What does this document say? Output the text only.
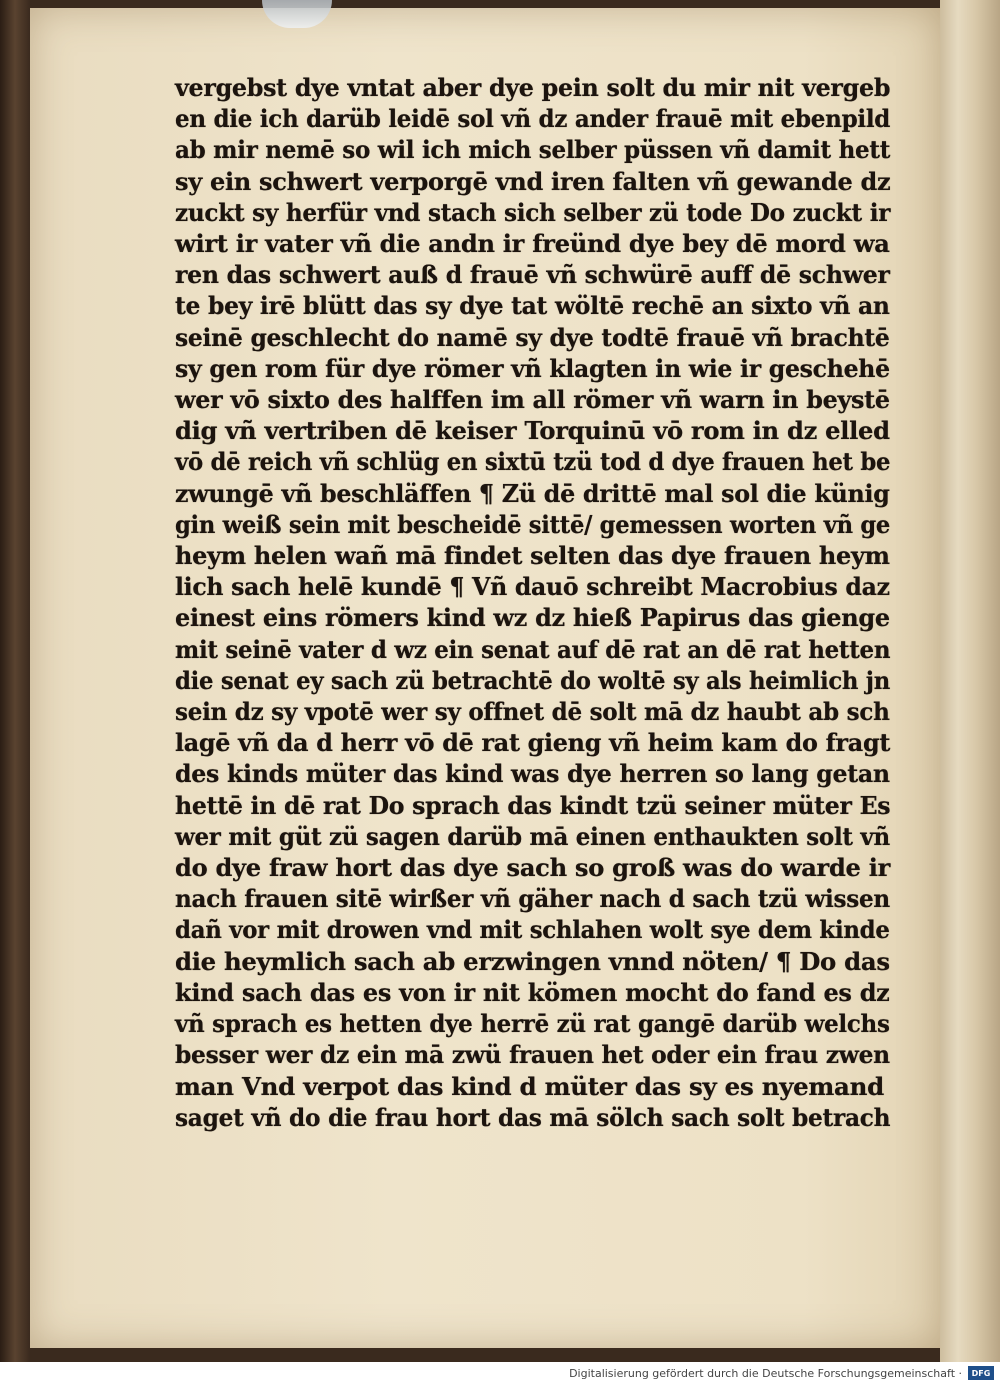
vergebst dye vntat aber dye pein solt du mir nit vergeb
en die ich darüb leidē sol vñ dz ander frauē mit ebenpild
ab mir nemē so wil ich mich selber püssen vñ damit hett
sy ein schwert verporgē vnd iren falten vñ gewande dz
zuckt sy herfür vnd stach sich selber zü tode Do zuckt ir
wirt ir vater vñ die andn ir freünd dye bey dē mord wa
ren das schwert auß d frauē vñ schwürē auff dē schwer
te bey irē blütt das sy dye tat wöltē rechē an sixto vñ an
seinē geschlecht do namē sy dye todtē frauē vñ brachtē
sy gen rom für dye römer vñ klagten in wie ir geschehē
wer vō sixto des halffen im all römer vñ warn in beystē
dig vñ vertriben dē keiser Torquinū vō rom in dz elled
vō dē reich vñ schlüg en sixtū tzü tod d dye frauen het be
zwungē vñ beschläffen ¶ Zü dē drittē mal sol die künig
gin weiß sein mit bescheidē sittē/ gemessen worten vñ ge
heym helen wañ mā findet selten das dye frauen heym
lich sach helē kundē ¶ Vñ dauō schreibt Macrobius daz
einest eins römers kind wz dz hieß Papirus das gienge
mit seinē vater d wz ein senat auf dē rat an dē rat hetten
die senat ey sach zü betrachtē do woltē sy als heimlich jn
sein dz sy vpotē wer sy offnet dē solt mā dz haubt ab sch
lagē vñ da d herr vō dē rat gieng vñ heim kam do fragt
des kinds müter das kind was dye herren so lang getan
hettē in dē rat Do sprach das kindt tzü seiner müter Es
wer mit güt zü sagen darüb mā einen enthaukten solt vñ
do dye fraw hort das dye sach so groß was do warde ir
nach frauen sitē wirßer vñ gäher nach d sach tzü wissen
dañ vor mit drowen vnd mit schlahen wolt sye dem kinde
die heymlich sach ab erzwingen vnnd nöten/ ¶ Do das
kind sach das es von ir nit kömen mocht do fand es dz
vñ sprach es hetten dye herrē zü rat gangē darüb welchs
besser wer dz ein mā zwü frauen het oder ein frau zwen
man Vnd verpot das kind d müter das sy es nyemand
saget vñ do die frau hort das mā sölch sach solt betrach
Digitalisierung gefördert durch die Deutsche Forschungsgemeinschaft ·	DFG
